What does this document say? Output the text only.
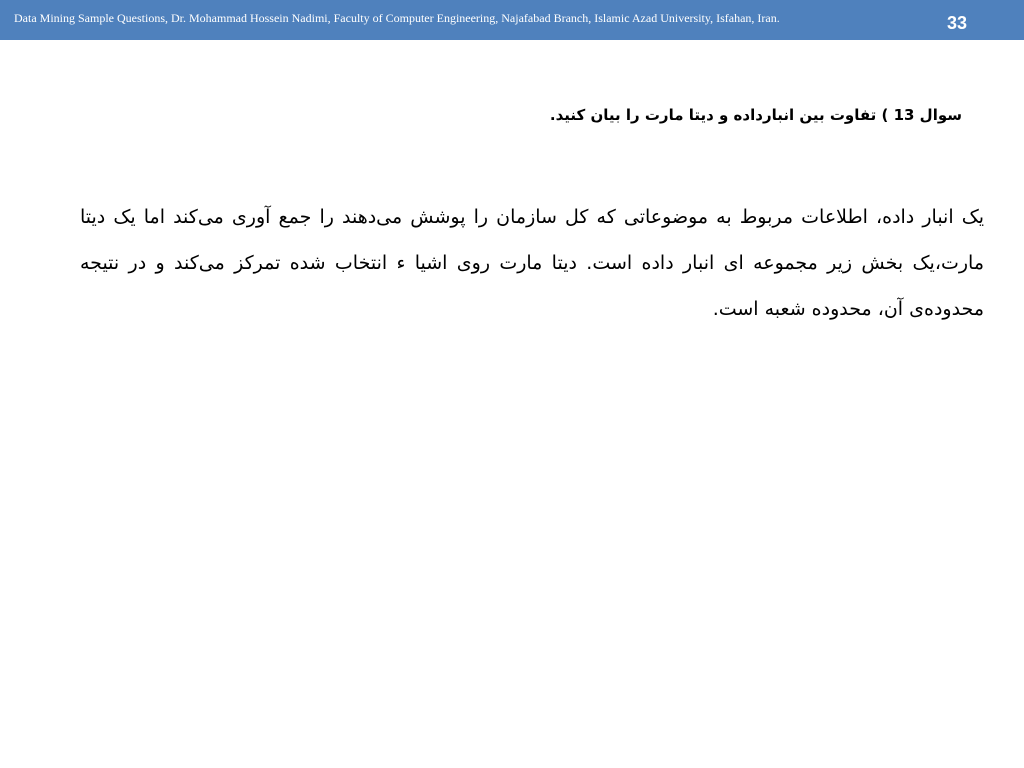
Data Mining Sample Questions, Dr. Mohammad Hossein Nadimi, Faculty of Computer Engineering, Najafabad Branch, Islamic Azad University, Isfahan, Iran.	33
سوال 13 ) تفاوت بین انبارداده و دیتا مارت را بیان کنید.
یک انبار داده، اطلاعات مربوط به موضوعاتی که کل سازمان را پوشش می‌دهند را جمع آوری می‌کند اما یک دیتا مارت،یک بخش زیر مجموعه ای انبار داده است. دیتا مارت روی اشیا ء انتخاب شده تمرکز می‌کند و در نتیجه محدوده‌ی آن، محدوده شعبه است.
